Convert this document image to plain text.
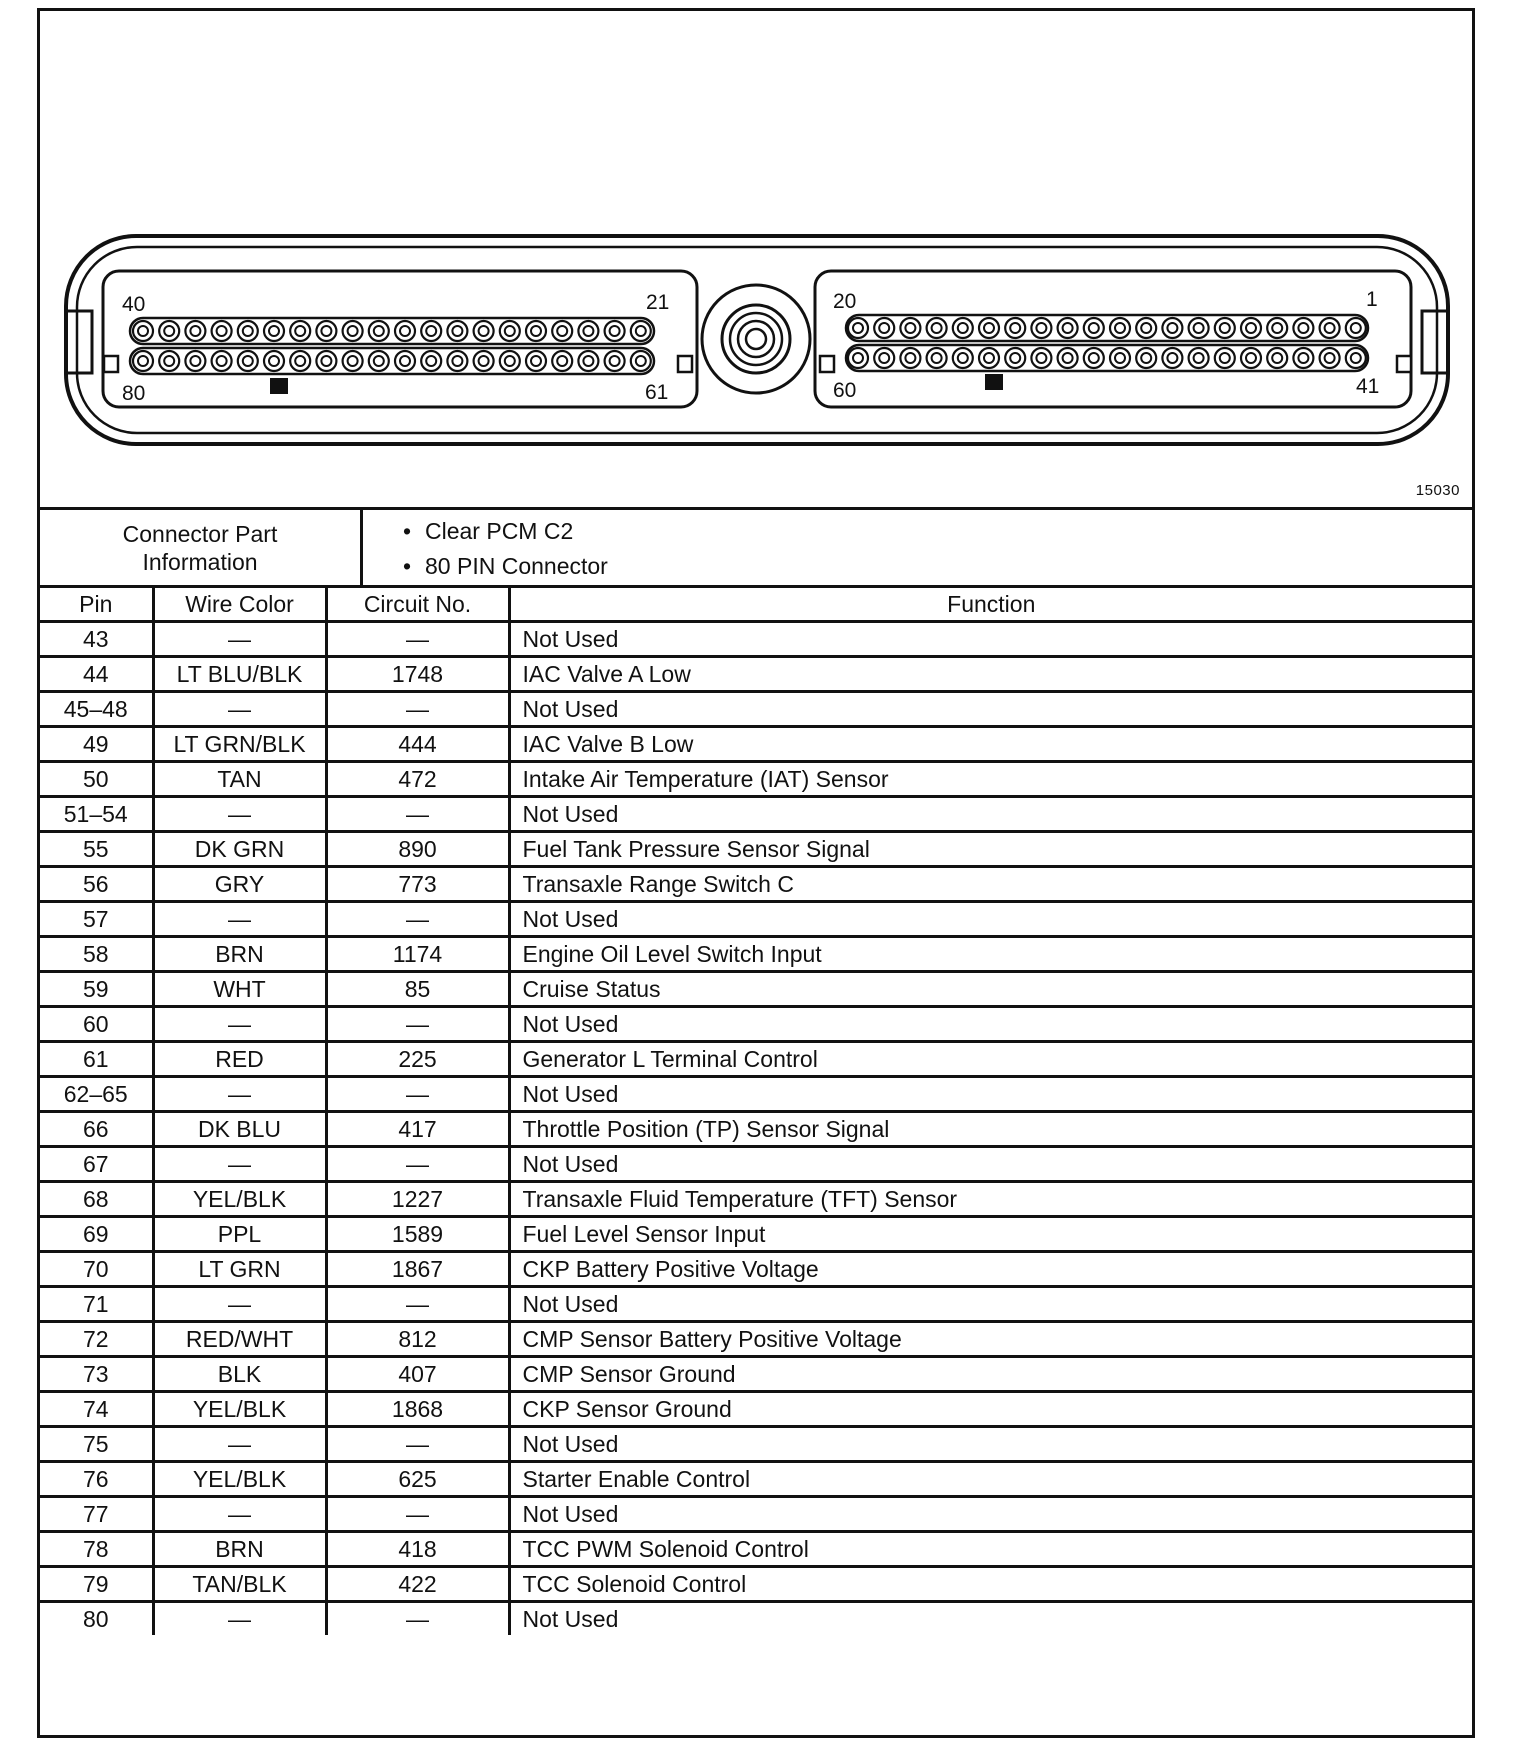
40	21
80	61
20	1
60	41
15030
Connector Part
Information
• Clear PCM C2
• 80 PIN Connector
Pin	Wire Color	Circuit No.	Function
43	—	—	Not Used
44	LT BLU/BLK	1748	IAC Valve A Low
45–48	—	—	Not Used
49	LT GRN/BLK	444	IAC Valve B Low
50	TAN	472	Intake Air Temperature (IAT) Sensor
51–54	—	—	Not Used
55	DK GRN	890	Fuel Tank Pressure Sensor Signal
56	GRY	773	Transaxle Range Switch C
57	—	—	Not Used
58	BRN	1174	Engine Oil Level Switch Input
59	WHT	85	Cruise Status
60	—	—	Not Used
61	RED	225	Generator L Terminal Control
62–65	—	—	Not Used
66	DK BLU	417	Throttle Position (TP) Sensor Signal
67	—	—	Not Used
68	YEL/BLK	1227	Transaxle Fluid Temperature (TFT) Sensor
69	PPL	1589	Fuel Level Sensor Input
70	LT GRN	1867	CKP Battery Positive Voltage
71	—	—	Not Used
72	RED/WHT	812	CMP Sensor Battery Positive Voltage
73	BLK	407	CMP Sensor Ground
74	YEL/BLK	1868	CKP Sensor Ground
75	—	—	Not Used
76	YEL/BLK	625	Starter Enable Control
77	—	—	Not Used
78	BRN	418	TCC PWM Solenoid Control
79	TAN/BLK	422	TCC Solenoid Control
80	—	—	Not Used
